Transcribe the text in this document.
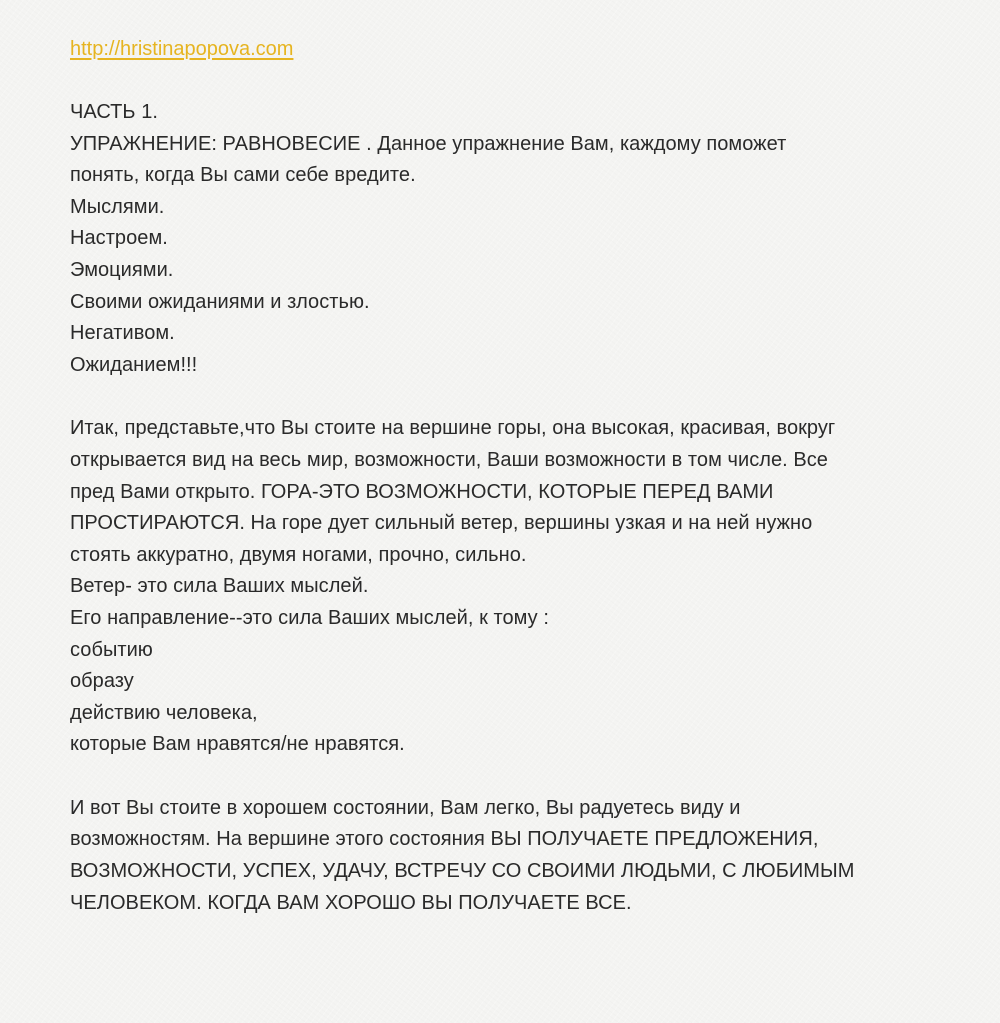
http://hristinapopova.com
ЧАСТЬ 1.
УПРАЖНЕНИЕ: РАВНОВЕСИЕ . Данное упражнение Вам, каждому поможет
понять, когда Вы сами себе вредите.
Мыслями.
Настроем.
Эмоциями.
Своими ожиданиями и злостью.
Негативом.
Ожиданием!!!
Итак, представьте,что Вы стоите на вершине горы, она высокая, красивая, вокруг
открывается вид на весь мир, возможности, Ваши возможности в том числе. Все
пред Вами открыто. ГОРА-ЭТО ВОЗМОЖНОСТИ, КОТОРЫЕ ПЕРЕД ВАМИ
ПРОСТИРАЮТСЯ. На горе дует сильный ветер, вершины узкая и на ней нужно
стоять аккуратно, двумя ногами, прочно, сильно.
Ветер- это сила Ваших мыслей.
Его направление--это сила Ваших мыслей, к тому :
событию
образу
действию человека,
которые Вам нравятся/не нравятся.
И вот Вы стоите в хорошем состоянии, Вам легко, Вы радуетесь виду и
возможностям. На вершине этого состояния ВЫ ПОЛУЧАЕТЕ ПРЕДЛОЖЕНИЯ,
ВОЗМОЖНОСТИ, УСПЕХ, УДАЧУ, ВСТРЕЧУ СО СВОИМИ ЛЮДЬМИ, С ЛЮБИМЫМ
ЧЕЛОВЕКОМ. КОГДА ВАМ ХОРОШО ВЫ ПОЛУЧАЕТЕ ВСЕ.
